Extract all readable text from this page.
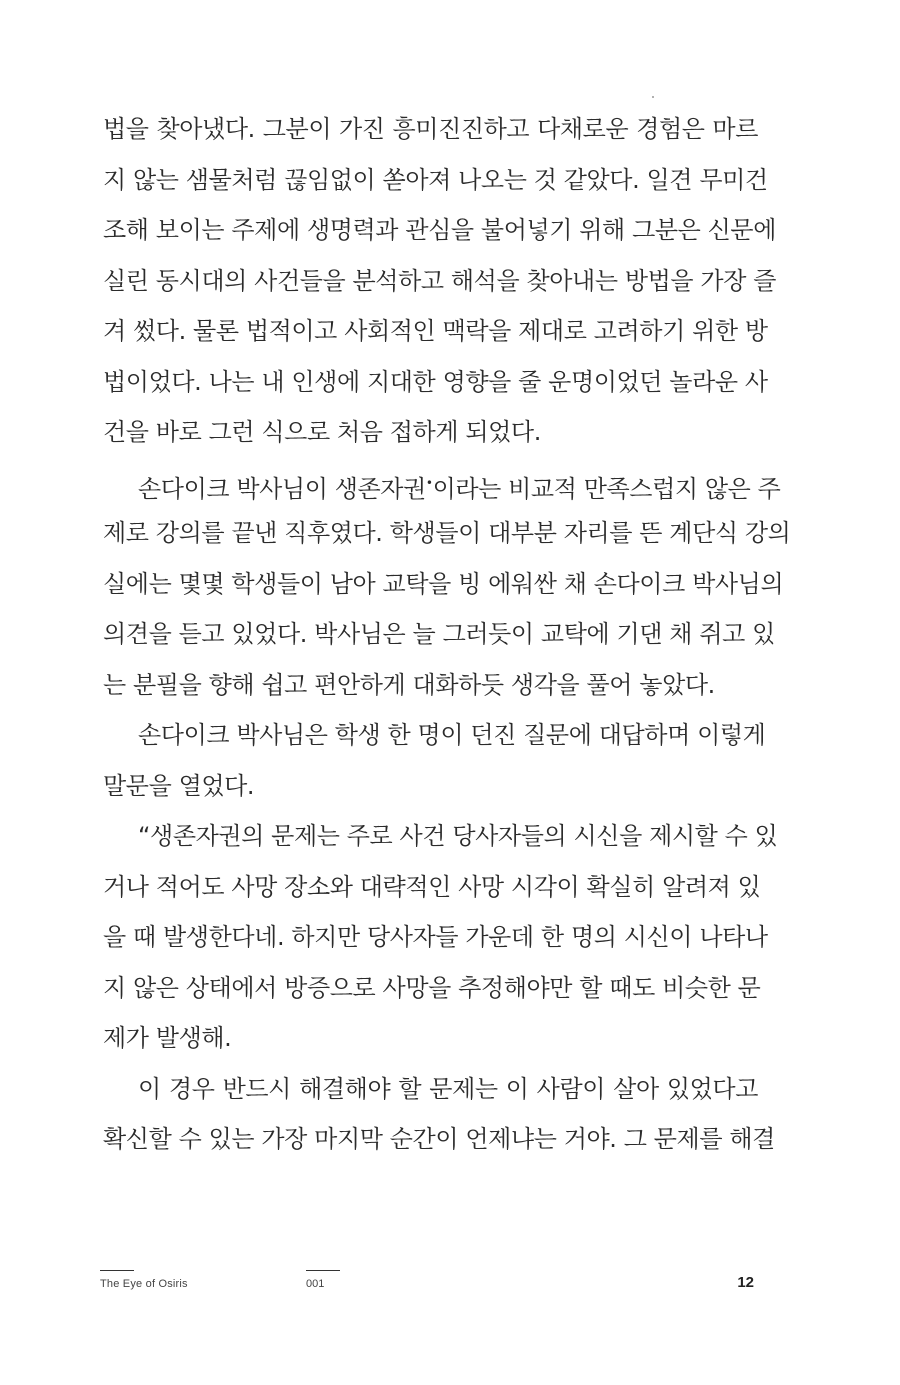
법을 찾아냈다. 그분이 가진 흥미진진하고 다채로운 경험은 마르
지 않는 샘물처럼 끊임없이 쏟아져 나오는 것 같았다. 일견 무미건
조해 보이는 주제에 생명력과 관심을 불어넣기 위해 그분은 신문에
실린 동시대의 사건들을 분석하고 해석을 찾아내는 방법을 가장 즐
겨 썼다. 물론 법적이고 사회적인 맥락을 제대로 고려하기 위한 방
법이었다. 나는 내 인생에 지대한 영향을 줄 운명이었던 놀라운 사
건을 바로 그런 식으로 처음 접하게 되었다.
손다이크 박사님이 생존자권•이라는 비교적 만족스럽지 않은 주
제로 강의를 끝낸 직후였다. 학생들이 대부분 자리를 뜬 계단식 강의
실에는 몇몇 학생들이 남아 교탁을 빙 에워싼 채 손다이크 박사님의
의견을 듣고 있었다. 박사님은 늘 그러듯이 교탁에 기댄 채 쥐고 있
는 분필을 향해 쉽고 편안하게 대화하듯 생각을 풀어 놓았다.
손다이크 박사님은 학생 한 명이 던진 질문에 대답하며 이렇게
말문을 열었다.
“생존자권의 문제는 주로 사건 당사자들의 시신을 제시할 수 있
거나 적어도 사망 장소와 대략적인 사망 시각이 확실히 알려져 있
을 때 발생한다네. 하지만 당사자들 가운데 한 명의 시신이 나타나
지 않은 상태에서 방증으로 사망을 추정해야만 할 때도 비슷한 문
제가 발생해.
이 경우 반드시 해결해야 할 문제는 이 사람이 살아 있었다고
확신할 수 있는 가장 마지막 순간이 언제냐는 거야. 그 문제를 해결
The Eye of Osiris	001	12
